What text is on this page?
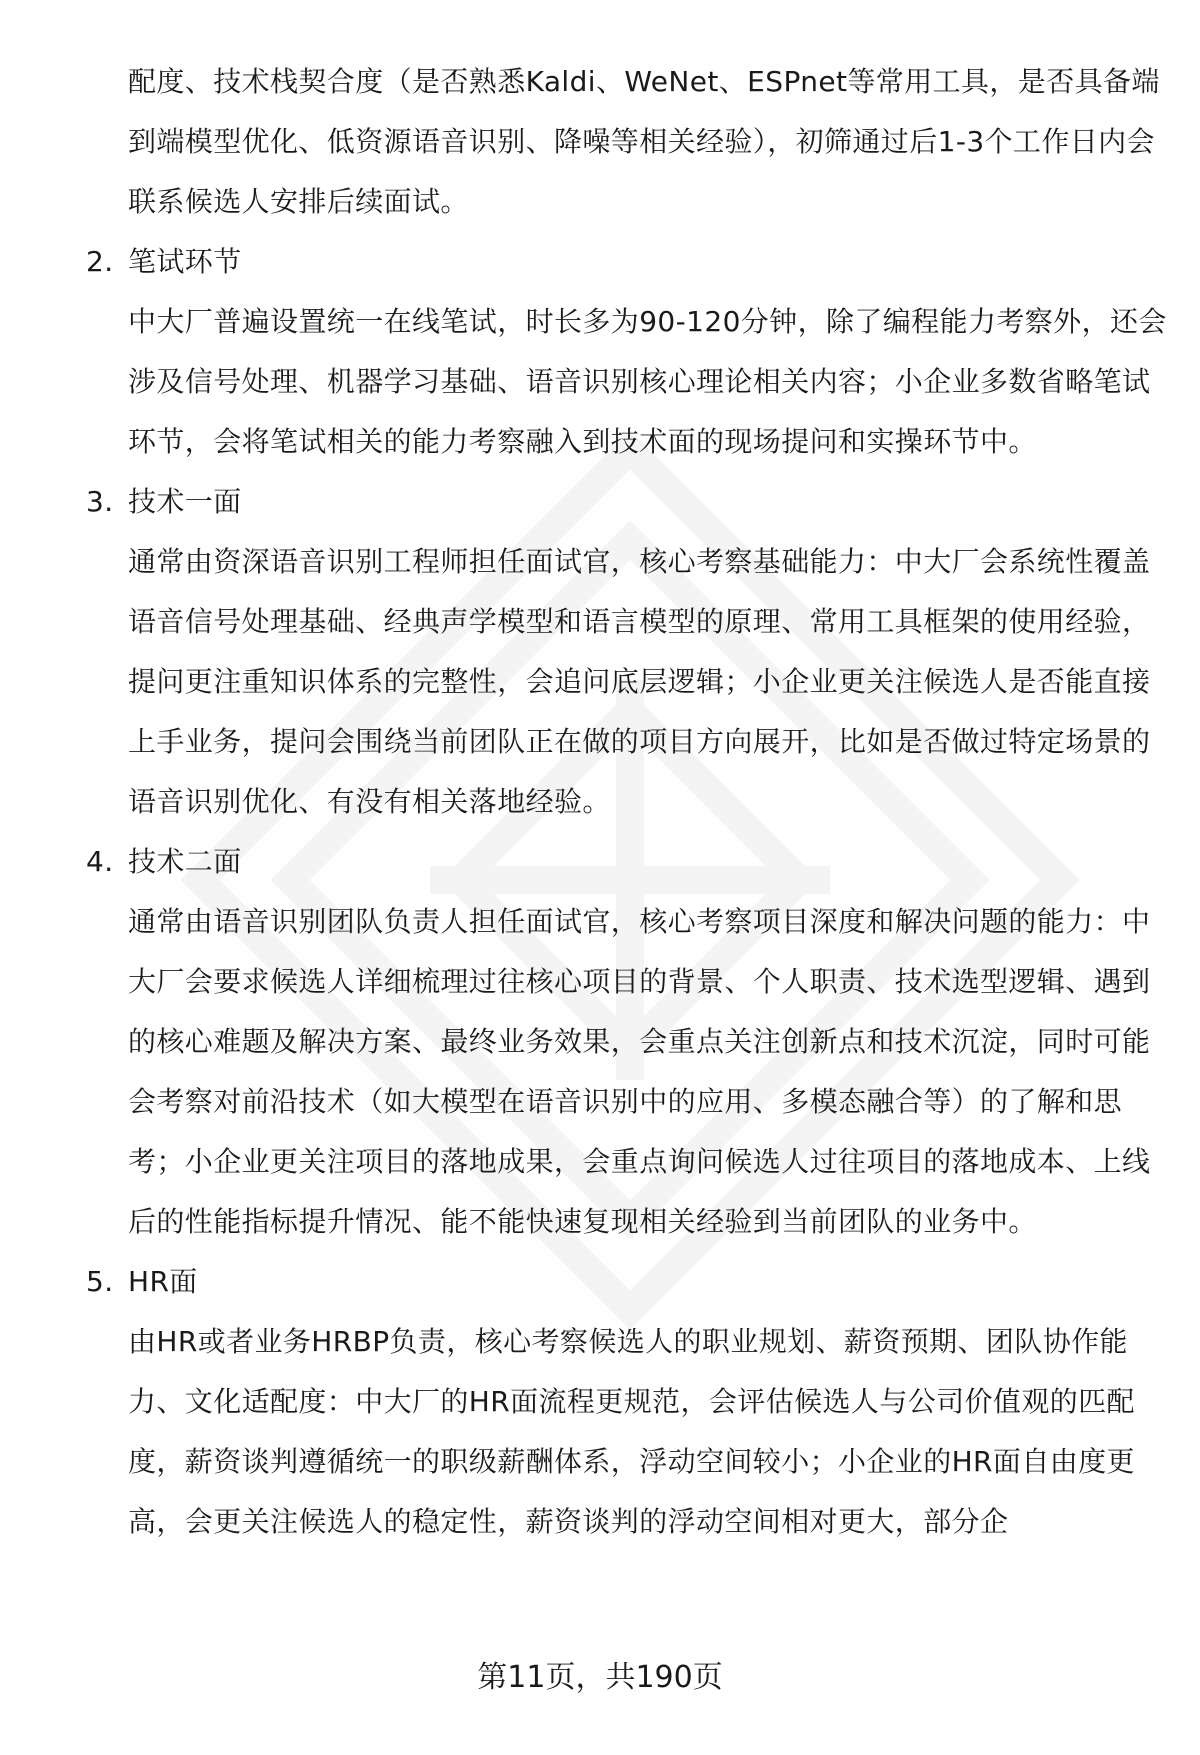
配度、技术栈契合度（是否熟悉Kaldi、WeNet、ESPnet等常用工具，是否具备端到端模型优化、低资源语音识别、降噪等相关经验），初筛通过后1-3个工作日内会联系候选人安排后续面试。

2. 笔试环节

中大厂普遍设置统一在线笔试，时长多为90-120分钟，除了编程能力考察外，还会涉及信号处理、机器学习基础、语音识别核心理论相关内容；小企业多数省略笔试环节，会将笔试相关的能力考察融入到技术面的现场提问和实操环节中。

3. 技术一面

通常由资深语音识别工程师担任面试官，核心考察基础能力：中大厂会系统性覆盖语音信号处理基础、经典声学模型和语言模型的原理、常用工具框架的使用经验，提问更注重知识体系的完整性，会追问底层逻辑；小企业更关注候选人是否能直接上手业务，提问会围绕当前团队正在做的项目方向展开，比如是否做过特定场景的语音识别优化、有没有相关落地经验。

4. 技术二面

通常由语音识别团队负责人担任面试官，核心考察项目深度和解决问题的能力：中大厂会要求候选人详细梳理过往核心项目的背景、个人职责、技术选型逻辑、遇到的核心难题及解决方案、最终业务效果，会重点关注创新点和技术沉淀，同时可能会考察对前沿技术（如大模型在语音识别中的应用、多模态融合等）的了解和思考；小企业更关注项目的落地成果，会重点询问候选人过往项目的落地成本、上线后的性能指标提升情况、能不能快速复现相关经验到当前团队的业务中。

5. HR面

由HR或者业务HRBP负责，核心考察候选人的职业规划、薪资预期、团队协作能力、文化适配度：中大厂的HR面流程更规范，会评估候选人与公司价值观的匹配度，薪资谈判遵循统一的职级薪酬体系，浮动空间较小；小企业的HR面自由度更高，会更关注候选人的稳定性，薪资谈判的浮动空间相对更大，部分企

第11页，共190页
